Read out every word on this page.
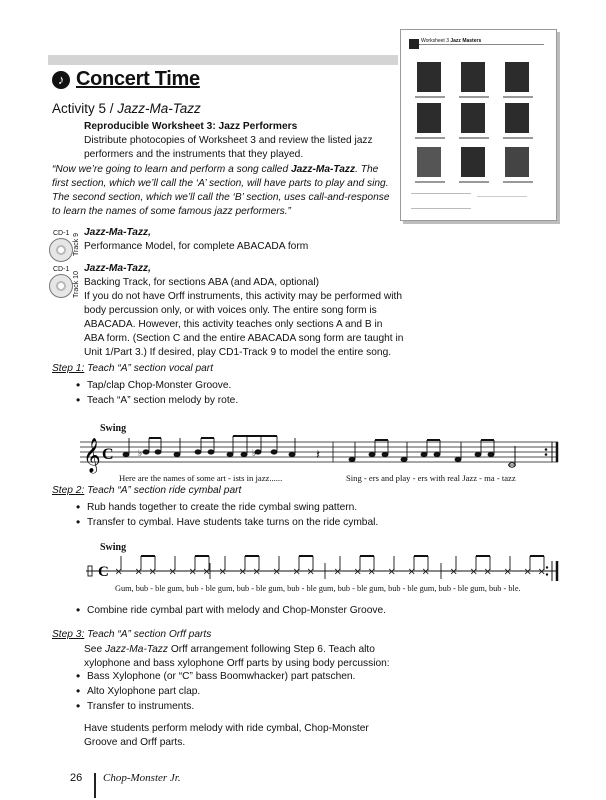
♪ Concert Time
Worksheet 3 Jazz Masters
Activity 5 / Jazz-Ma-Tazz
Reproducible Worksheet 3: Jazz Performers
Distribute photocopies of Worksheet 3 and review the listed jazz performers and the instruments that they played.
“Now we’re going to learn and perform a song called Jazz-Ma-Tazz. The first section, which we’ll call the ‘A’ section, will have parts to play and sing. The second section, which we’ll call the ‘B’ section, uses call-and-response to learn the names of some famous jazz performers.”
CD-1 Track 9
Jazz-Ma-Tazz,
Performance Model, for complete ABACADA form
CD-1
Track 10
Jazz-Ma-Tazz,
Backing Track, for sections ABA (and ADA, optional)
If you do not have Orff instruments, this activity may be performed with body percussion only, or with voices only. The entire song form is ABACADA. However, this activity teaches only sections A and B in ABA form. (Section C and the entire ABACADA song form are taught in Unit 1/Part 3.) If desired, play CD1-Track 9 to model the entire song.
Step 1: Teach “A” section vocal part
• Tap/clap Chop-Monster Groove.
• Teach “A” section melody by rote.
Swing
𝄞 C	♭	♭	𝄽
Here are the names of some art - ists in jazz......	Sing - ers and play - ers with real Jazz - ma - tazz
Step 2: Teach “A” section ride cymbal part
• Rub hands together to create the ride cymbal swing pattern.
• Transfer to cymbal. Have students take turns on the ride cymbal.
Swing
C × × × × × × × × × × × × × × × × × × × × × × × ×
Gum, bub - ble gum, bub - ble gum, bub - ble gum, bub - ble gum, bub - ble gum, bub - ble gum, bub - ble gum, bub - ble.
• Combine ride cymbal part with melody and Chop-Monster Groove.
Step 3: Teach “A” section Orff parts
See Jazz-Ma-Tazz Orff arrangement following Step 6. Teach alto xylophone and bass xylophone Orff parts by using body percussion:
• Bass Xylophone (or “C” bass Boomwhacker) part patschen.
• Alto Xylophone part clap.
• Transfer to instruments.
Have students perform melody with ride cymbal, Chop-Monster Groove and Orff parts.
26 Chop-Monster Jr.
